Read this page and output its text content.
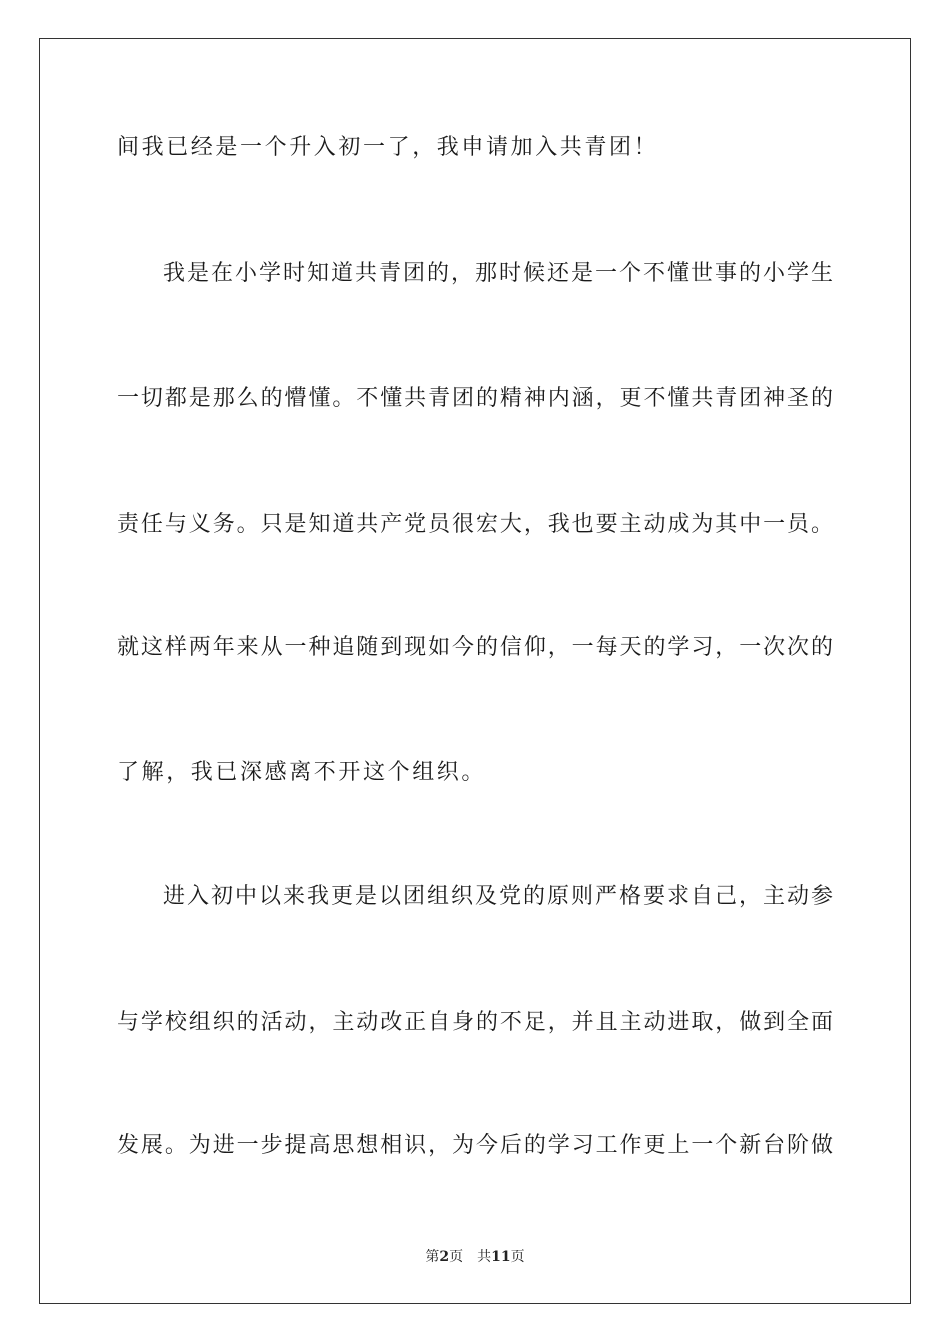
间我已经是一个升入初一了，我申请加入共青团！
我是在小学时知道共青团的，那时候还是一个不懂世事的小学生
一切都是那么的懵懂。不懂共青团的精神内涵，更不懂共青团神圣的
责任与义务。只是知道共产党员很宏大，我也要主动成为其中一员。
就这样两年来从一种追随到现如今的信仰，一每天的学习，一次次的
了解，我已深感离不开这个组织。
进入初中以来我更是以团组织及党的原则严格要求自己，主动参
与学校组织的活动，主动改正自身的不足，并且主动进取，做到全面
发展。为进一步提高思想相识，为今后的学习工作更上一个新台阶做
第2页 共11页
